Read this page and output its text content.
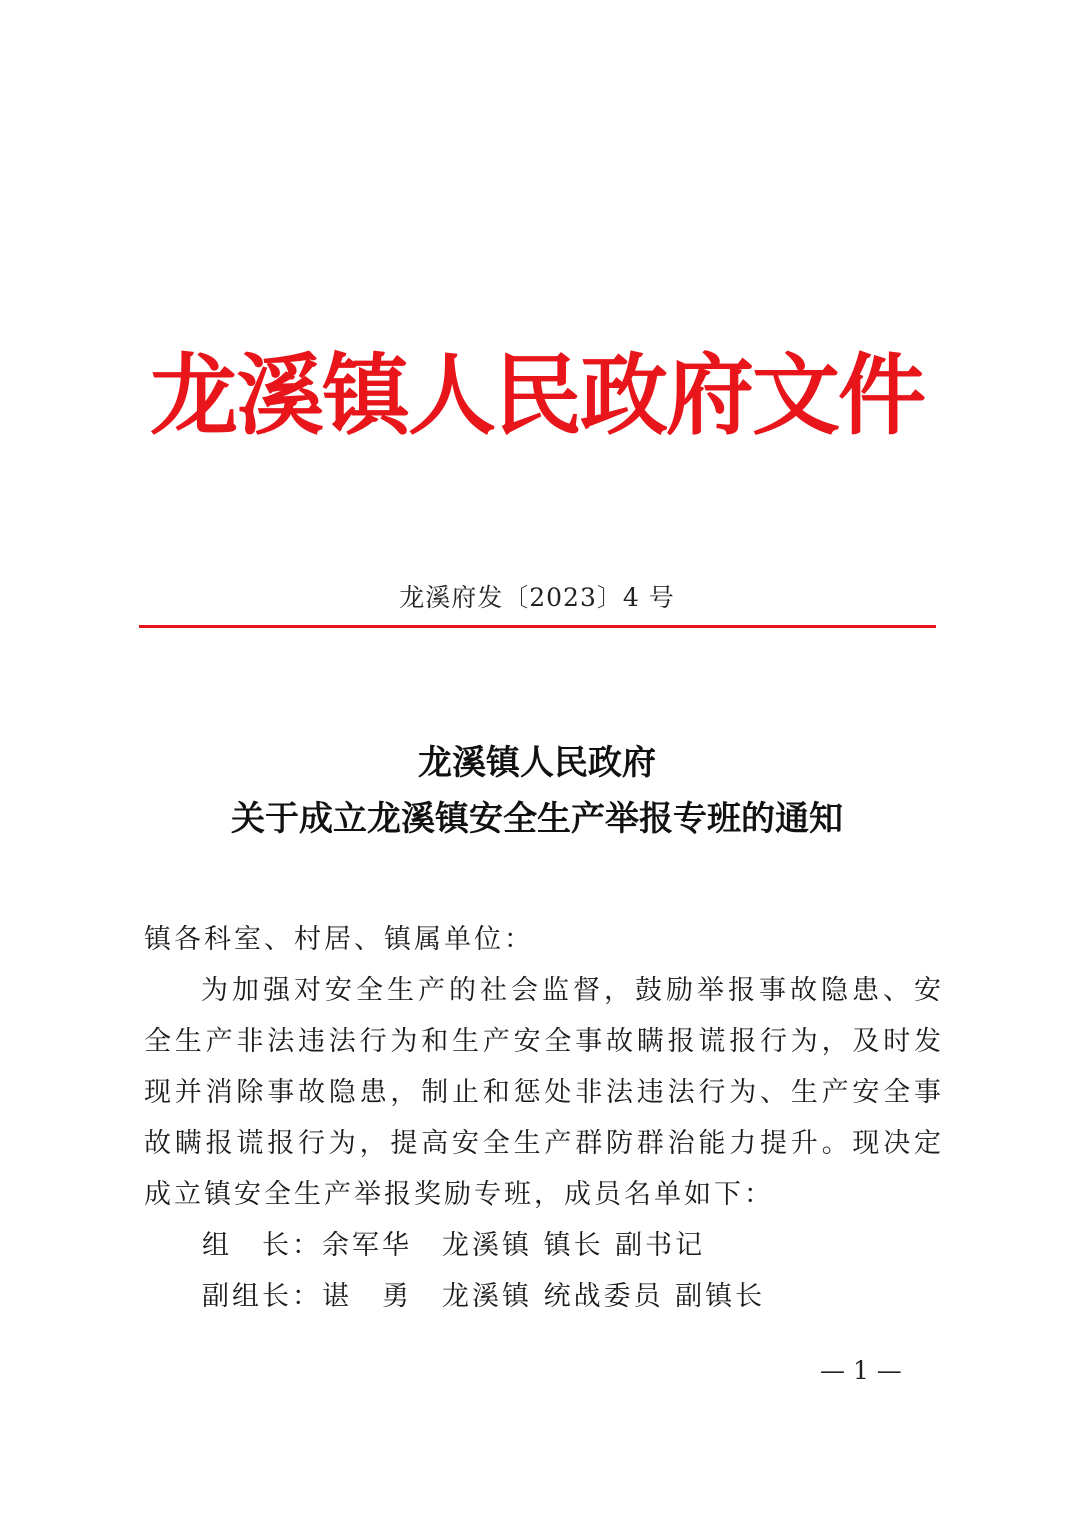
龙溪镇人民政府文件
龙溪府发〔2023〕4 号
龙溪镇人民政府
关于成立龙溪镇安全生产举报专班的通知
镇各科室、村居、镇属单位：

为加强对安全生产的社会监督，鼓励举报事故隐患、安全生产非法违法行为和生产安全事故瞒报谎报行为，及时发现并消除事故隐患，制止和惩处非法违法行为、生产安全事故瞒报谎报行为，提高安全生产群防群治能力提升。现决定成立镇安全生产举报奖励专班，成员名单如下：

组　长：余军华　龙溪镇 镇长 副书记
副组长：谌　勇　龙溪镇 统战委员 副镇长
— 1 —
